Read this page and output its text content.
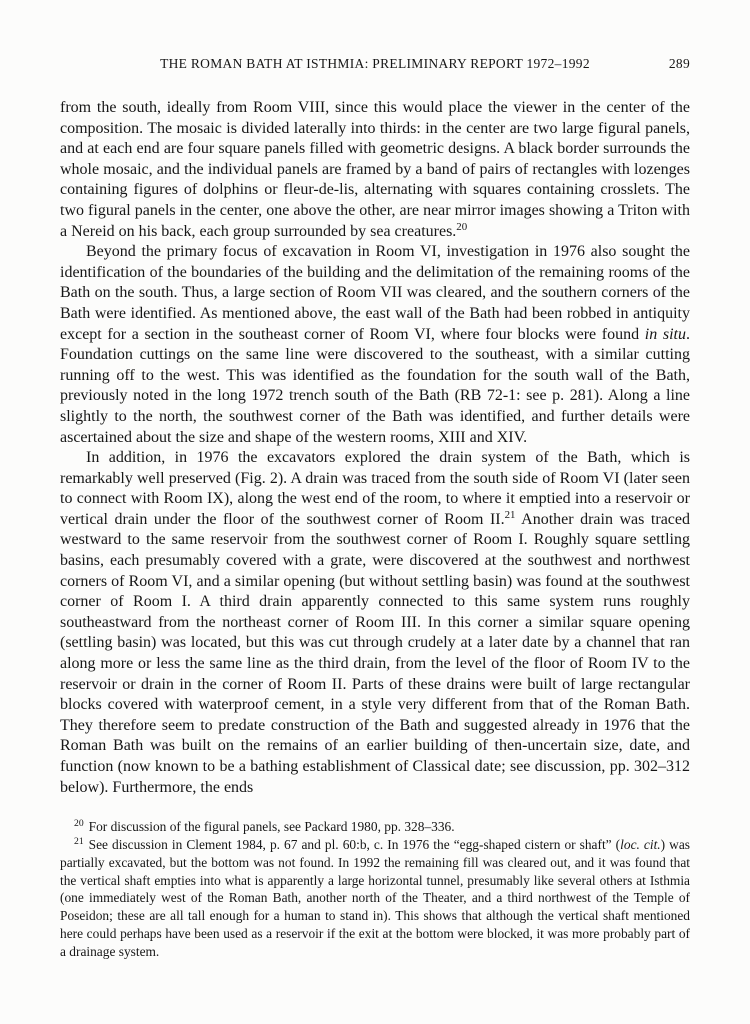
THE ROMAN BATH AT ISTHMIA: PRELIMINARY REPORT 1972–1992	289

from the south, ideally from Room VIII, since this would place the viewer in the center of the composition. The mosaic is divided laterally into thirds: in the center are two large figural panels, and at each end are four square panels filled with geometric designs. A black border surrounds the whole mosaic, and the individual panels are framed by a band of pairs of rectangles with lozenges containing figures of dolphins or fleur-de-lis, alternating with squares containing crosslets. The two figural panels in the center, one above the other, are near mirror images showing a Triton with a Nereid on his back, each group surrounded by sea creatures.$^{20}$

Beyond the primary focus of excavation in Room VI, investigation in 1976 also sought the identification of the boundaries of the building and the delimitation of the remaining rooms of the Bath on the south. Thus, a large section of Room VII was cleared, and the southern corners of the Bath were identified. As mentioned above, the east wall of the Bath had been robbed in antiquity except for a section in the southeast corner of Room VI, where four blocks were found in situ. Foundation cuttings on the same line were discovered to the southeast, with a similar cutting running off to the west. This was identified as the foundation for the south wall of the Bath, previously noted in the long 1972 trench south of the Bath (RB 72-1: see p. 281). Along a line slightly to the north, the southwest corner of the Bath was identified, and further details were ascertained about the size and shape of the western rooms, XIII and XIV.

In addition, in 1976 the excavators explored the drain system of the Bath, which is remarkably well preserved (Fig. 2). A drain was traced from the south side of Room VI (later seen to connect with Room IX), along the west end of the room, to where it emptied into a reservoir or vertical drain under the floor of the southwest corner of Room II.$^{21}$ Another drain was traced westward to the same reservoir from the southwest corner of Room I. Roughly square settling basins, each presumably covered with a grate, were discovered at the southwest and northwest corners of Room VI, and a similar opening (but without settling basin) was found at the southwest corner of Room I. A third drain apparently connected to this same system runs roughly southeastward from the northeast corner of Room III. In this corner a similar square opening (settling basin) was located, but this was cut through crudely at a later date by a channel that ran along more or less the same line as the third drain, from the level of the floor of Room IV to the reservoir or drain in the corner of Room II. Parts of these drains were built of large rectangular blocks covered with waterproof cement, in a style very different from that of the Roman Bath. They therefore seem to predate construction of the Bath and suggested already in 1976 that the Roman Bath was built on the remains of an earlier building of then-uncertain size, date, and function (now known to be a bathing establishment of Classical date; see discussion, pp. 302–312 below). Furthermore, the ends

$^{20}$ For discussion of the figural panels, see Packard 1980, pp. 328–336.

$^{21}$ See discussion in Clement 1984, p. 67 and pl. 60:b, c. In 1976 the “egg-shaped cistern or shaft” (loc. cit.) was partially excavated, but the bottom was not found. In 1992 the remaining fill was cleared out, and it was found that the vertical shaft empties into what is apparently a large horizontal tunnel, presumably like several others at Isthmia (one immediately west of the Roman Bath, another north of the Theater, and a third northwest of the Temple of Poseidon; these are all tall enough for a human to stand in). This shows that although the vertical shaft mentioned here could perhaps have been used as a reservoir if the exit at the bottom were blocked, it was more probably part of a drainage system.
